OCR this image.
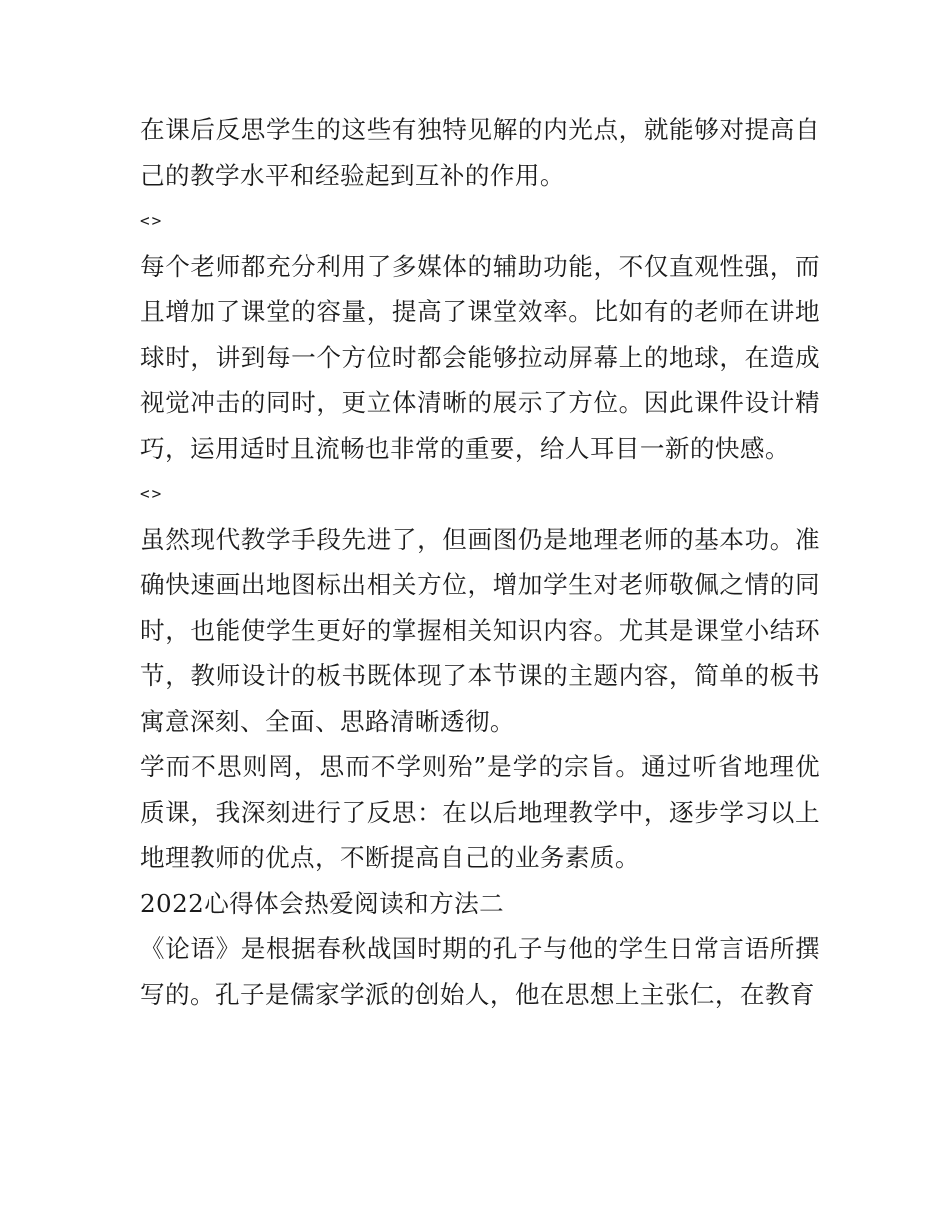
在课后反思学生的这些有独特见解的内光点，就能够对提高自己的教学水平和经验起到互补的作用。

<>

每个老师都充分利用了多媒体的辅助功能，不仅直观性强，而且增加了课堂的容量，提高了课堂效率。比如有的老师在讲地球时，讲到每一个方位时都会能够拉动屏幕上的地球，在造成视觉冲击的同时，更立体清晰的展示了方位。因此课件设计精巧，运用适时且流畅也非常的重要，给人耳目一新的快感。

<>

虽然现代教学手段先进了，但画图仍是地理老师的基本功。准确快速画出地图标出相关方位，增加学生对老师敬佩之情的同时，也能使学生更好的掌握相关知识内容。尤其是课堂小结环节，教师设计的板书既体现了本节课的主题内容，简单的板书寓意深刻、全面、思路清晰透彻。

学而不思则罔，思而不学则殆”是学的宗旨。通过听省地理优质课，我深刻进行了反思：在以后地理教学中，逐步学习以上地理教师的优点，不断提高自己的业务素质。

2022心得体会热爱阅读和方法二

《论语》是根据春秋战国时期的孔子与他的学生日常言语所撰写的。孔子是儒家学派的创始人，他在思想上主张仁，在教育
